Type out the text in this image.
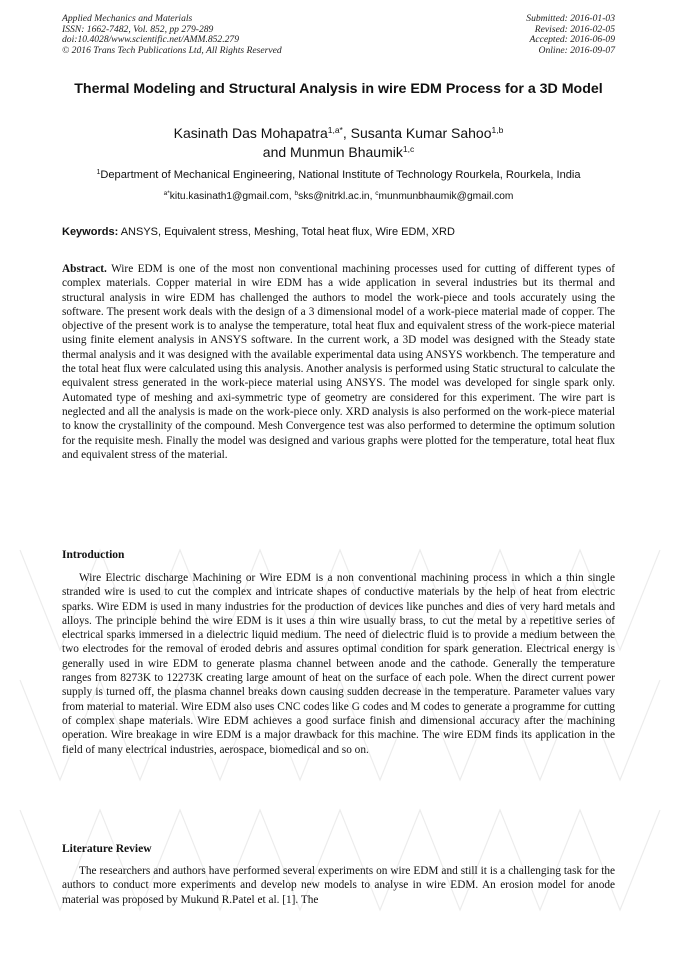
Applied Mechanics and Materials
ISSN: 1662-7482, Vol. 852, pp 279-289
doi:10.4028/www.scientific.net/AMM.852.279
© 2016 Trans Tech Publications Ltd, All Rights Reserved
Submitted: 2016-01-03
Revised: 2016-02-05
Accepted: 2016-06-09
Online: 2016-09-07
Thermal Modeling and Structural Analysis in wire EDM Process for a 3D Model
Kasinath Das Mohapatra$^{1,a*}$, Susanta Kumar Sahoo$^{1,b}$
and Munmun Bhaumik$^{1,c}$
$^1$Department of Mechanical Engineering, National Institute of Technology Rourkela, Rourkela, India
$^{a*}$kitu.kasinath1@gmail.com, $^b$sks@nitrkl.ac.in, $^c$munmunbhaumik@gmail.com
Keywords: ANSYS, Equivalent stress, Meshing, Total heat flux, Wire EDM, XRD
Abstract. Wire EDM is one of the most non conventional machining processes used for cutting of different types of complex materials. Copper material in wire EDM has a wide application in several industries but its thermal and structural analysis in wire EDM has challenged the authors to model the work-piece and tools accurately using the software. The present work deals with the design of a 3 dimensional model of a work-piece material made of copper. The objective of the present work is to analyse the temperature, total heat flux and equivalent stress of the work-piece material using finite element analysis in ANSYS software. In the current work, a 3D model was designed with the Steady state thermal analysis and it was designed with the available experimental data using ANSYS workbench. The temperature and the total heat flux were calculated using this analysis. Another analysis is performed using Static structural to calculate the equivalent stress generated in the work-piece material using ANSYS. The model was developed for single spark only. Automated type of meshing and axi-symmetric type of geometry are considered for this experiment. The wire part is neglected and all the analysis is made on the work-piece only. XRD analysis is also performed on the work-piece material to know the crystallinity of the compound. Mesh Convergence test was also performed to determine the optimum solution for the requisite mesh. Finally the model was designed and various graphs were plotted for the temperature, total heat flux and equivalent stress of the material.
Introduction
Wire Electric discharge Machining or Wire EDM is a non conventional machining process in which a thin single stranded wire is used to cut the complex and intricate shapes of conductive materials by the help of heat from electric sparks. Wire EDM is used in many industries for the production of devices like punches and dies of very hard metals and alloys. The principle behind the wire EDM is it uses a thin wire usually brass, to cut the metal by a repetitive series of electrical sparks immersed in a dielectric liquid medium. The need of dielectric fluid is to provide a medium between the two electrodes for the removal of eroded debris and assures optimal condition for spark generation. Electrical energy is generally used in wire EDM to generate plasma channel between anode and the cathode. Generally the temperature ranges from 8273K to 12273K creating large amount of heat on the surface of each pole. When the direct current power supply is turned off, the plasma channel breaks down causing sudden decrease in the temperature. Parameter values vary from material to material. Wire EDM also uses CNC codes like G codes and M codes to generate a programme for cutting of complex shape materials. Wire EDM achieves a good surface finish and dimensional accuracy after the machining operation. Wire breakage in wire EDM is a major drawback for this machine. The wire EDM finds its application in the field of many electrical industries, aerospace, biomedical and so on.
Literature Review
The researchers and authors have performed several experiments on wire EDM and still it is a challenging task for the authors to conduct more experiments and develop new models to analyse in wire EDM. An erosion model for anode material was proposed by Mukund R.Patel et al. [1]. The
